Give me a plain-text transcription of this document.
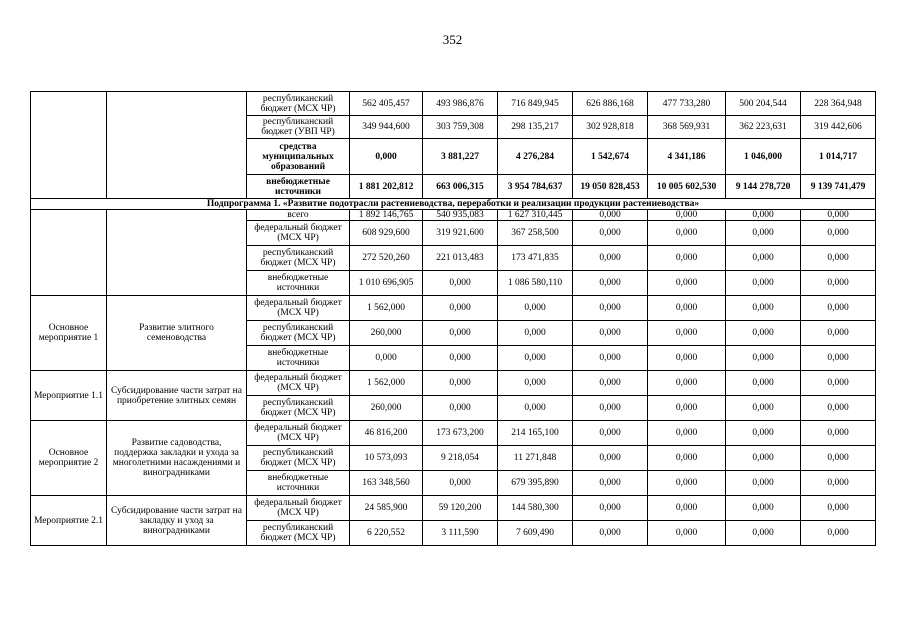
352
		республиканский бюджет (МСХ ЧР)	562 405,457	493 986,876	716 849,945	626 886,168	477 733,280	500 204,544	228 364,948
		республиканский бюджет (УВП ЧР)	349 944,600	303 759,308	298 135,217	302 928,818	368 569,931	362 223,631	319 442,606
		средства муниципальных образований	0,000	3 881,227	4 276,284	1 542,674	4 341,186	1 046,000	1 014,717
		внебюджетные источники	1 881 202,812	663 006,315	3 954 784,637	19 050 828,453	10 005 602,530	9 144 278,720	9 139 741,479
Подпрограмма 1. «Развитие подотрасли растениеводства, переработки и реализации продукции растениеводства»									
		всего	1 892 146,765	540 935,083	1 627 310,445	0,000	0,000	0,000	0,000
		федеральный бюджет (МСХ ЧР)	608 929,600	319 921,600	367 258,500	0,000	0,000	0,000	0,000
		республиканский бюджет (МСХ ЧР)	272 520,260	221 013,483	173 471,835	0,000	0,000	0,000	0,000
		внебюджетные источники	1 010 696,905	0,000	1 086 580,110	0,000	0,000	0,000	0,000
Основное мероприятие 1	Развитие элитного семеноводства	федеральный бюджет (МСХ ЧР)	1 562,000	0,000	0,000	0,000	0,000	0,000	0,000
		республиканский бюджет (МСХ ЧР)	260,000	0,000	0,000	0,000	0,000	0,000	0,000
		внебюджетные источники	0,000	0,000	0,000	0,000	0,000	0,000	0,000
Мероприятие 1.1	Субсидирование части затрат на приобретение элитных семян	федеральный бюджет (МСХ ЧР)	1 562,000	0,000	0,000	0,000	0,000	0,000	0,000
		республиканский бюджет (МСХ ЧР)	260,000	0,000	0,000	0,000	0,000	0,000	0,000
Основное мероприятие 2	Развитие садоводства, поддержка закладки и ухода за многолетними насаждениями и виноградниками	федеральный бюджет (МСХ ЧР)	46 816,200	173 673,200	214 165,100	0,000	0,000	0,000	0,000
		республиканский бюджет (МСХ ЧР)	10 573,093	9 218,054	11 271,848	0,000	0,000	0,000	0,000
		внебюджетные источники	163 348,560	0,000	679 395,890	0,000	0,000	0,000	0,000
Мероприятие 2.1	Субсидирование части затрат на закладку и уход за виноградниками	федеральный бюджет (МСХ ЧР)	24 585,900	59 120,200	144 580,300	0,000	0,000	0,000	0,000
		республиканский бюджет (МСХ ЧР)	6 220,552	3 111,590	7 609,490	0,000	0,000	0,000	0,000
